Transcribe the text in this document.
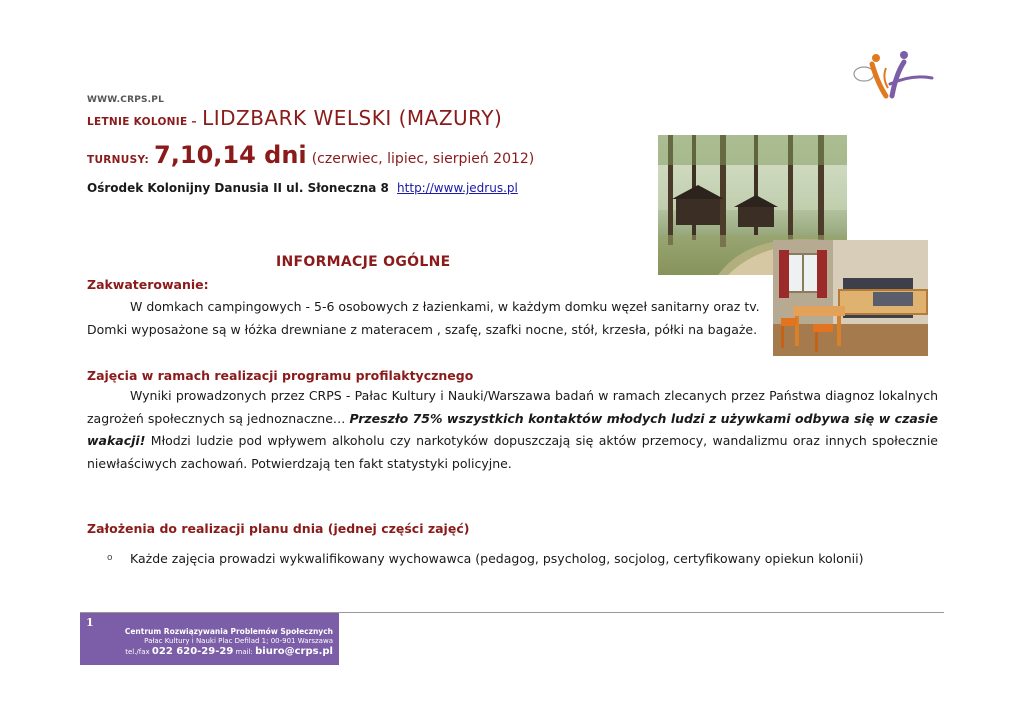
WWW.CRPS.PL
LETNIE KOLONIE – LIDZBARK WELSKI (MAZURY)
TURNUSY: 7,10,14 dni (czerwiec, lipiec, sierpień 2012)
Ośrodek Kolonijny Danusia II ul. Słoneczna 8 http://www.jedrus.pl
INFORMACJE OGÓLNE
Zakwaterowanie:
W domkach campingowych - 5-6 osobowych z łazienkami, w każdym domku węzeł sanitarny oraz tv.
Domki wyposażone są w łóżka drewniane z materacem , szafę, szafki nocne, stół, krzesła, półki na bagaże.
Zajęcia w ramach realizacji programu profilaktycznego
Wyniki prowadzonych przez CRPS - Pałac Kultury i Nauki/Warszawa badań w ramach zlecanych przez Państwa diagnoz lokalnych zagrożeń społecznych są jednoznaczne… Przeszło 75% wszystkich kontaktów młodych ludzi z używkami odbywa się w czasie wakacji! Młodzi ludzie pod wpływem alkoholu czy narkotyków dopuszczają się aktów przemocy, wandalizmu oraz innych społecznie niewłaściwych zachowań. Potwierdzają ten fakt statystyki policyjne.
Założenia do realizacji planu dnia (jednej części zajęć)
o Każde zajęcia prowadzi wykwalifikowany wychowawca (pedagog, psycholog, socjolog, certyfikowany opiekun kolonii)
1
Centrum Rozwiązywania Problemów Społecznych
Pałac Kultury i Nauki Plac Defilad 1; 00-901 Warszawa
tel./fax 022 620-29-29 mail: biuro@crps.pl
